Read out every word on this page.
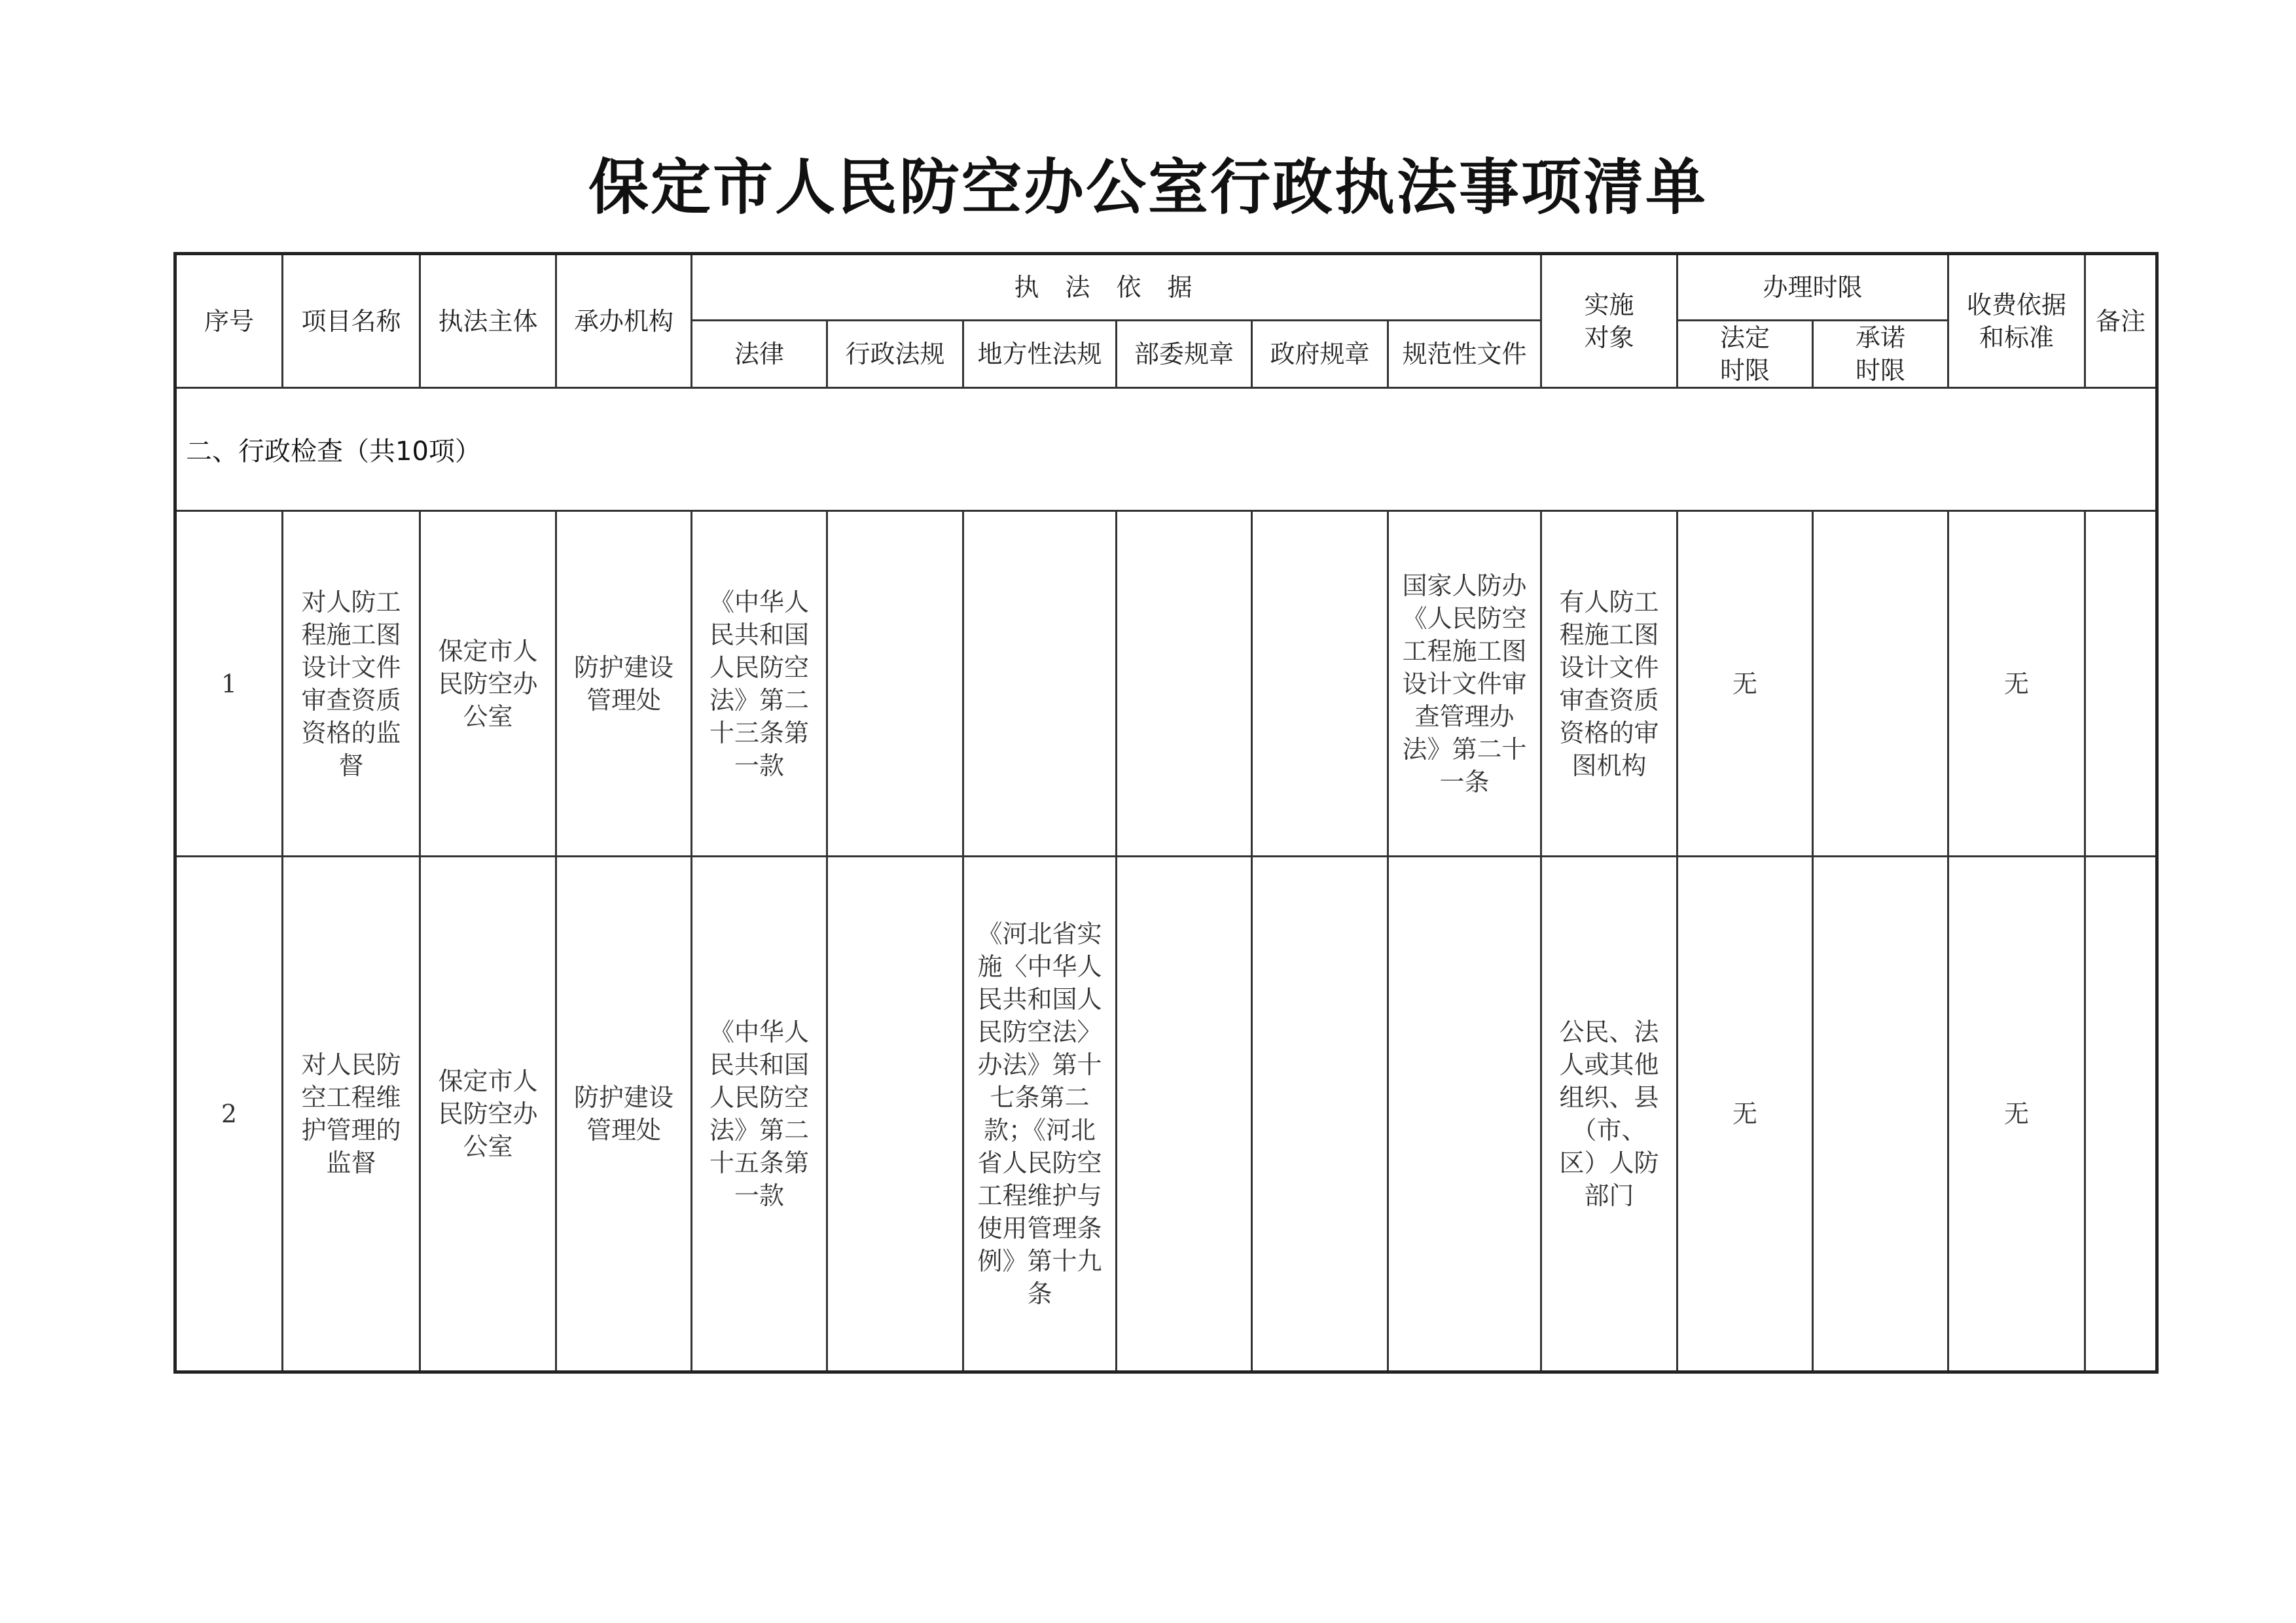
保定市人民防空办公室行政执法事项清单
序号	项目名称	执法主体	承办机构	执法依据						实施对象	办理时限		收费依据和标准	备注
				法律	行政法规	地方性法规	部委规章	政府规章	规范性文件		法定时限	承诺时限		
二、行政检查（共10项）														
1	对人防工程施工图设计文件审查资质资格的监督	保定市人民防空办公室	防护建设管理处	《中华人民共和国人民防空法》第二十三条第一款					国家人防办《人民防空工程施工图设计文件审查管理办法》第二十一条	有人防工程施工图设计文件审查资质资格的审图机构	无		无	
2	对人民防空工程维护管理的监督	保定市人民防空办公室	防护建设管理处	《中华人民共和国人民防空法》第二十五条第一款		《河北省实施〈中华人民共和国人民防空法〉办法》第十七条第二款；《河北省人民防空工程维护与使用管理条例》第十九条				公民、法人或其他组织、县（市、区）人防部门	无		无	
